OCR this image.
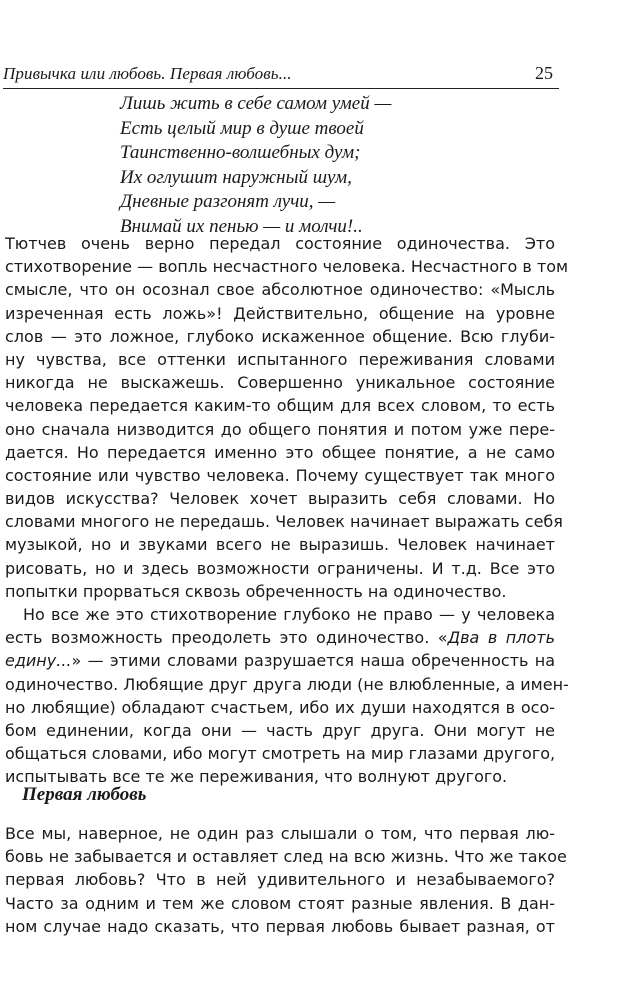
Привычка или любовь. Первая любовь...	25
Лишь жить в себе самом умей —
Есть целый мир в душе твоей
Таинственно-волшебных дум;
Их оглушит наружный шум,
Дневные разгонят лучи, —
Внимай их пенью — и молчи!..
Тютчев очень верно передал состояние одиночества. Это
стихотворение — вопль несчастного человека. Несчастного в том
смысле, что он осознал свое абсолютное одиночество: «Мысль
изреченная есть ложь»! Действительно, общение на уровне
слов — это ложное, глубоко искаженное общение. Всю глуби-
ну чувства, все оттенки испытанного переживания словами
никогда не выскажешь. Совершенно уникальное состояние
человека передается каким-то общим для всех словом, то есть
оно сначала низводится до общего понятия и потом уже пере-
дается. Но передается именно это общее понятие, а не само
состояние или чувство человека. Почему существует так много
видов искусства? Человек хочет выразить себя словами. Но
словами многого не передашь. Человек начинает выражать себя
музыкой, но и звуками всего не выразишь. Человек начинает
рисовать, но и здесь возможности ограничены. И т.д. Все это
попытки прорваться сквозь обреченность на одиночество.
Но все же это стихотворение глубоко не право — у человека
есть возможность преодолеть это одиночество. «Два в плоть
едину...» — этими словами разрушается наша обреченность на
одиночество. Любящие друг друга люди (не влюбленные, а имен-
но любящие) обладают счастьем, ибо их души находятся в осо-
бом единении, когда они — часть друг друга. Они могут не
общаться словами, ибо могут смотреть на мир глазами другого,
испытывать все те же переживания, что волнуют другого.
Первая любовь
Все мы, наверное, не один раз слышали о том, что первая лю-
бовь не забывается и оставляет след на всю жизнь. Что же такое
первая любовь? Что в ней удивительного и незабываемого?
Часто за одним и тем же словом стоят разные явления. В дан-
ном случае надо сказать, что первая любовь бывает разная, от
